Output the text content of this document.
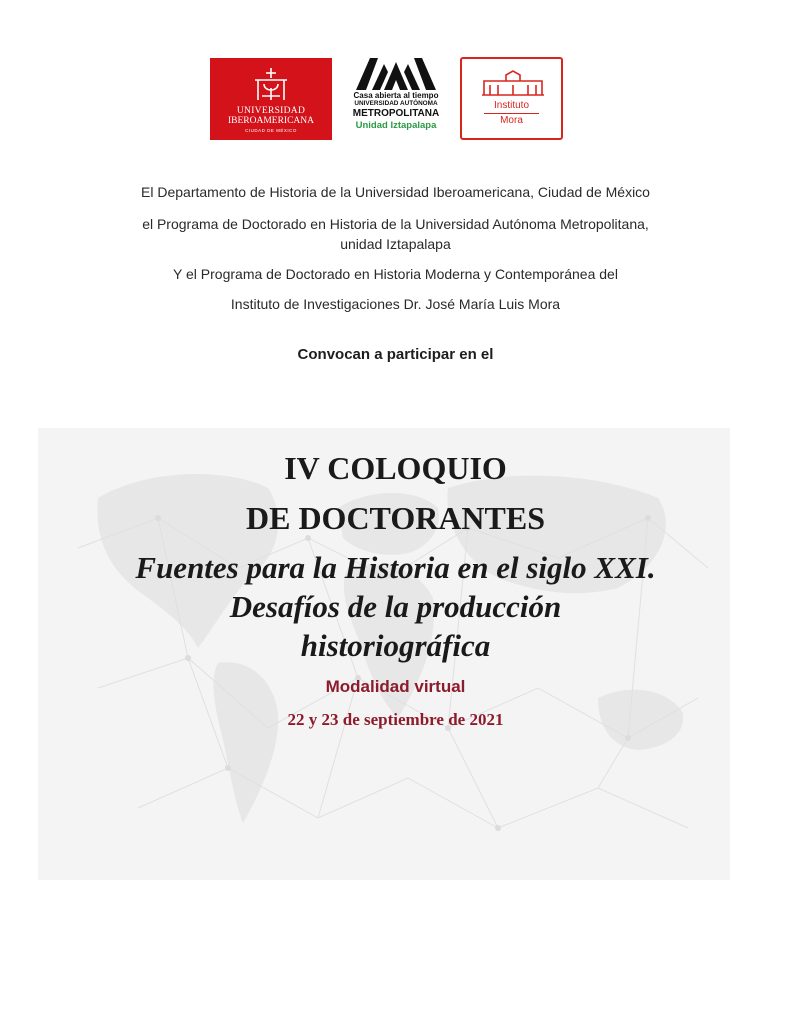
UNIVERSIDAD
IBEROAMERICANA
CIUDAD DE MÉXICO
Casa abierta al tiempo
UNIVERSIDAD AUTÓNOMA
METROPOLITANA
Unidad Iztapalapa
Instituto
Mora

El Departamento de Historia de la Universidad Iberoamericana, Ciudad de México

el Programa de Doctorado en Historia de la Universidad Autónoma Metropolitana,
unidad Iztapalapa

Y el Programa de Doctorado en Historia Moderna y Contemporánea del

Instituto de Investigaciones Dr. José María Luis Mora

Convocan a participar en el
IV COLOQUIO
DE DOCTORANTES
Fuentes para la Historia en el siglo XXI.
Desafíos de la producción
historiográfica
Modalidad virtual
22 y 23 de septiembre de 2021
